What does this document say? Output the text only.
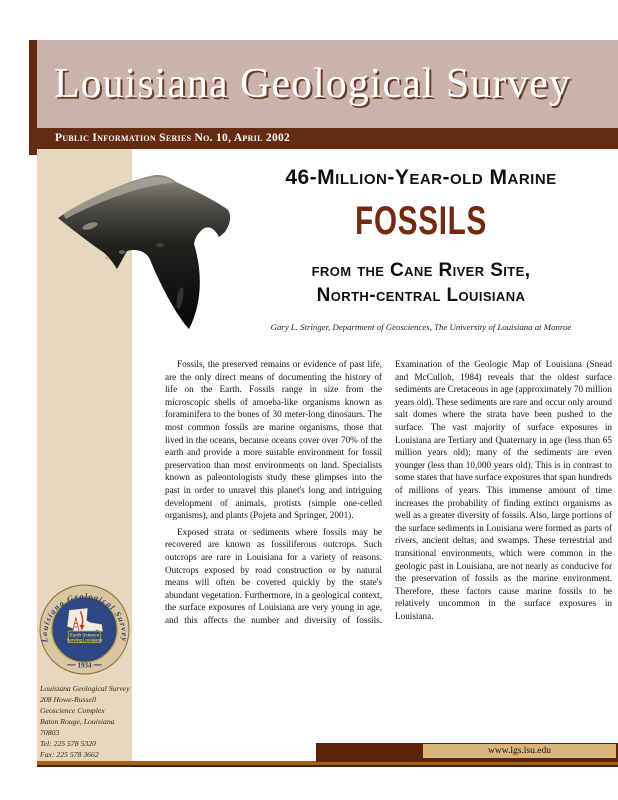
Louisiana Geological Survey
Public Information Series No. 10, April 2002
Louisiana Geological Survey
Earth Science
Serving Louisiana
1934
Louisiana Geological Survey
208 Howe-Russell
Geoscience Complex
Baton Rouge, Louisiana
70803
Tel: 225 578 5320
Fax: 225 578 3662
46-Million-Year-old Marine
FOSSILS
from the Cane River Site,
North-central Louisiana
Gary L. Stringer, Department of Geosciences, The University of Louisiana at Monroe

Fossils, the preserved remains or evidence of past life, are the only direct means of documenting the history of life on the Earth. Fossils range in size from the microscopic shells of amoeba-like organisms known as foraminifera to the bones of 30 meter-long dinosaurs. The most common fossils are marine organisms, those that lived in the oceans, because oceans cover over 70% of the earth and provide a more suitable environment for fossil preservation than most environments on land. Specialists known as paleontologists study these glimpses into the past in order to unravel this planet's long and intriguing development of animals, protists (simple one-celled organisms), and plants (Pojeta and Springer, 2001).

Exposed strata or sediments where fossils may be recovered are known as fossiliferous outcrops. Such outcrops are rare in Louisiana for a variety of reasons. Outcrops exposed by road construction or by natural means will often be covered quickly by the state's abundant vegetation. Furthermore, in a geological context, the surface exposures of Louisiana are very young in age, and this affects the number and diversity of fossils. Examination of the Geologic Map of Louisiana (Snead and McCulloh, 1984) reveals that the oldest surface sediments are Cretaceous in age (approximately 70 million years old). These sediments are rare and occur only around salt domes where the strata have been pushed to the surface. The vast majority of surface exposures in Louisiana are Tertiary and Quaternary in age (less than 65 million years old); many of the sediments are even younger (less than 10,000 years old). This is in contrast to some states that have surface exposures that span hundreds of millions of years. This immense amount of time increases the probability of finding extinct organisms as well as a greater diversity of fossils. Also, large portions of the surface sediments in Louisiana were formed as parts of rivers, ancient deltas, and swamps. These terrestrial and transitional environments, which were common in the geologic past in Louisiana, are not nearly as conducive for the preservation of fossils as the marine environment. Therefore, these factors cause marine fossils to be relatively uncommon in the surface exposures in Louisiana.

www.lgs.lsu.edu
